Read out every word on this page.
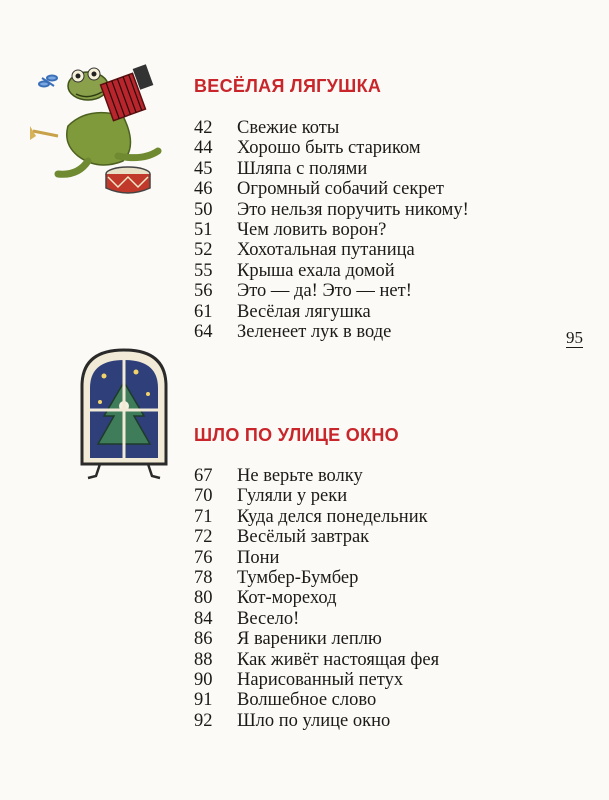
ВЕСЁЛАЯ ЛЯГУШКА
42 Свежие коты
44 Хорошо быть стариком
45 Шляпа с полями
46 Огромный собачий секрет
50 Это нельзя поручить никому!
51 Чем ловить ворон?
52 Хохотальная путаница
55 Крыша ехала домой
56 Это — да! Это — нет!
61 Весёлая лягушка
64 Зеленеет лук в воде	95
ШЛО ПО УЛИЦЕ ОКНО
67 Не верьте волку
70 Гуляли у реки
71 Куда делся понедельник
72 Весёлый завтрак
76 Пони
78 Тумбер-Бумбер
80 Кот-мореход
84 Весело!
86 Я вареники леплю
88 Как живёт настоящая фея
90 Нарисованный петух
91 Волшебное слово
92 Шло по улице окно
